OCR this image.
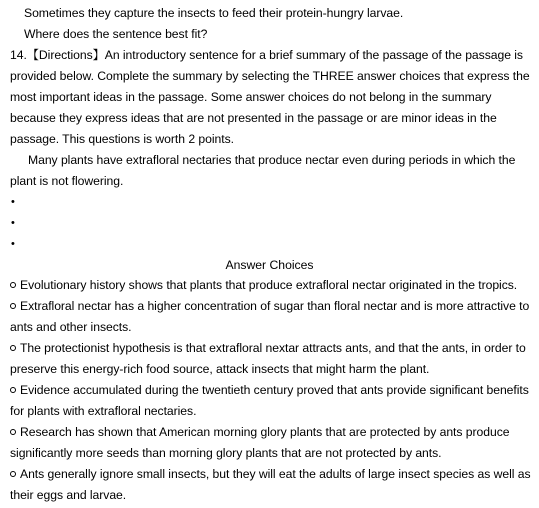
Sometimes they capture the insects to feed their protein-hungry larvae.
Where does the sentence best fit?
14.【Directions】An introductory sentence for a brief summary of the passage of the passage is
provided below. Complete the summary by selecting the THREE answer choices that express the
most important ideas in the passage. Some answer choices do not belong in the summary
because they express ideas that are not presented in the passage or are minor ideas in the
passage. This questions is worth 2 points.
Many plants have extrafloral nectaries that produce nectar even during periods in which the
plant is not flowering.
•
•
•
Answer Choices
Evolutionary history shows that plants that produce extrafloral nectar originated in the tropics.
Extrafloral nectar has a higher concentration of sugar than floral nectar and is more attractive to
ants and other insects.
The protectionist hypothesis is that extrafloral nextar attracts ants, and that the ants, in order to
preserve this energy-rich food source, attack insects that might harm the plant.
Evidence accumulated during the twentieth century proved that ants provide significant benefits
for plants with extrafloral nectaries.
Research has shown that American morning glory plants that are protected by ants produce
significantly more seeds than morning glory plants that are not protected by ants.
Ants generally ignore small insects, but they will eat the adults of large insect species as well as
their eggs and larvae.
